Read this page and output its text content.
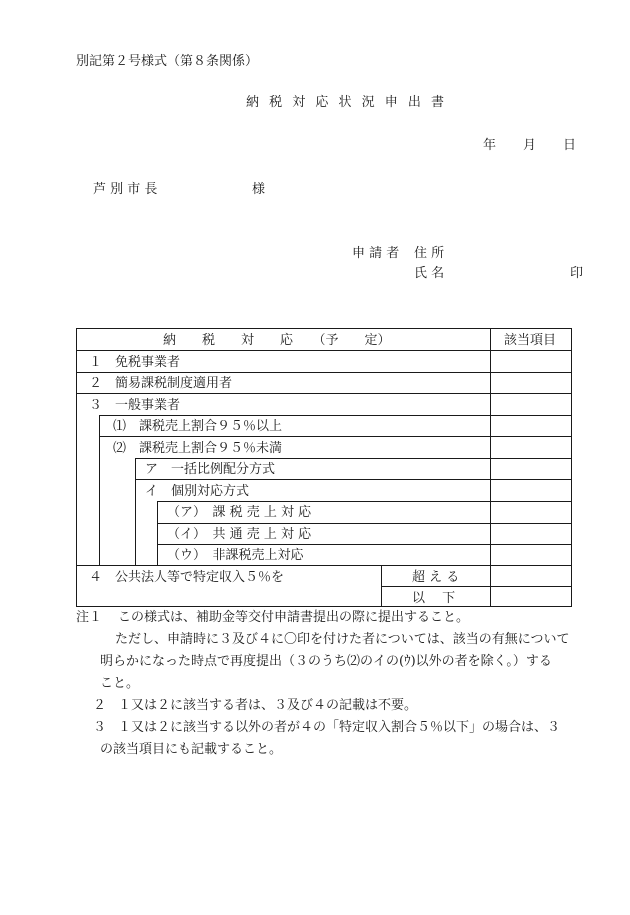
別記第２号様式（第８条関係）
納 税 対 応 状 況 申 出 書
年 月 日
芦 別 市 長	様
申 請 者 住 所
氏 名	印
納　　税　　対　　応　　（予　　定）	該当項目
１　免税事業者
２　簡易課税制度適用者
３　一般事業者
⑴　課税売上割合９５％以上
⑵　課税売上割合９５％未満
ア　一括比例配分方式
イ　個別対応方式
（ア）　課 税 売 上 対 応
（イ）　共 通 売 上 対 応
（ウ）　非課税売上対応
４　公共法人等で特定収入５％を	超 え る
以　 下
注１ この様式は、補助金等交付申請書提出の際に提出すること。
ただし、申請時に３及び４に〇印を付けた者については、該当の有無について
明らかになった時点で再度提出（３のうち⑵のイの(ｳ)以外の者を除く。）する
こと。
２ １又は２に該当する者は、３及び４の記載は不要。
３ １又は２に該当する以外の者が４の「特定収入割合５％以下」の場合は、３
の該当項目にも記載すること。
